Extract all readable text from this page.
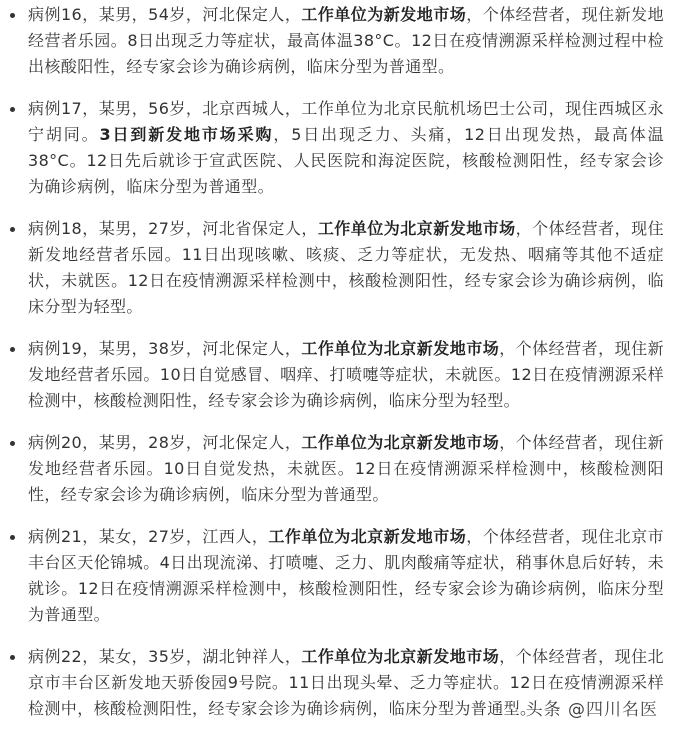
病例16，某男，54岁，河北保定人，工作单位为新发地市场，个体经营者，现住新发地经营者乐园。8日出现乏力等症状，最高体温38°C。12日在疫情溯源采样检测过程中检出核酸阳性，经专家会诊为确诊病例，临床分型为普通型。
病例17，某男，56岁，北京西城人，工作单位为北京民航机场巴士公司，现住西城区永宁胡同。3日到新发地市场采购，5日出现乏力、头痛，12日出现发热，最高体温38°C。12日先后就诊于宣武医院、人民医院和海淀医院，核酸检测阳性，经专家会诊为确诊病例，临床分型为普通型。
病例18，某男，27岁，河北省保定人，工作单位为北京新发地市场，个体经营者，现住新发地经营者乐园。11日出现咳嗽、咳痰、乏力等症状，无发热、咽痛等其他不适症状，未就医。12日在疫情溯源采样检测中，核酸检测阳性，经专家会诊为确诊病例，临床分型为轻型。
病例19，某男，38岁，河北保定人，工作单位为北京新发地市场，个体经营者，现住新发地经营者乐园。10日自觉感冒、咽痒、打喷嚏等症状，未就医。12日在疫情溯源采样检测中，核酸检测阳性，经专家会诊为确诊病例，临床分型为轻型。
病例20，某男，28岁，河北保定人，工作单位为北京新发地市场，个体经营者，现住新发地经营者乐园。10日自觉发热，未就医。12日在疫情溯源采样检测中，核酸检测阳性，经专家会诊为确诊病例，临床分型为普通型。
病例21，某女，27岁，江西人，工作单位为北京新发地市场，个体经营者，现住北京市丰台区天伦锦城。4日出现流涕、打喷嚏、乏力、肌肉酸痛等症状，稍事休息后好转，未就诊。12日在疫情溯源采样检测中，核酸检测阳性，经专家会诊为确诊病例，临床分型为普通型。
病例22，某女，35岁，湖北钟祥人，工作单位为北京新发地市场，个体经营者，现住北京市丰台区新发地天骄俊园9号院。11日出现头晕、乏力等症状。12日在疫情溯源采样检测中，核酸检测阳性，经专家会诊为确诊病例，临床分型为普通型。
头条 @四川名医
